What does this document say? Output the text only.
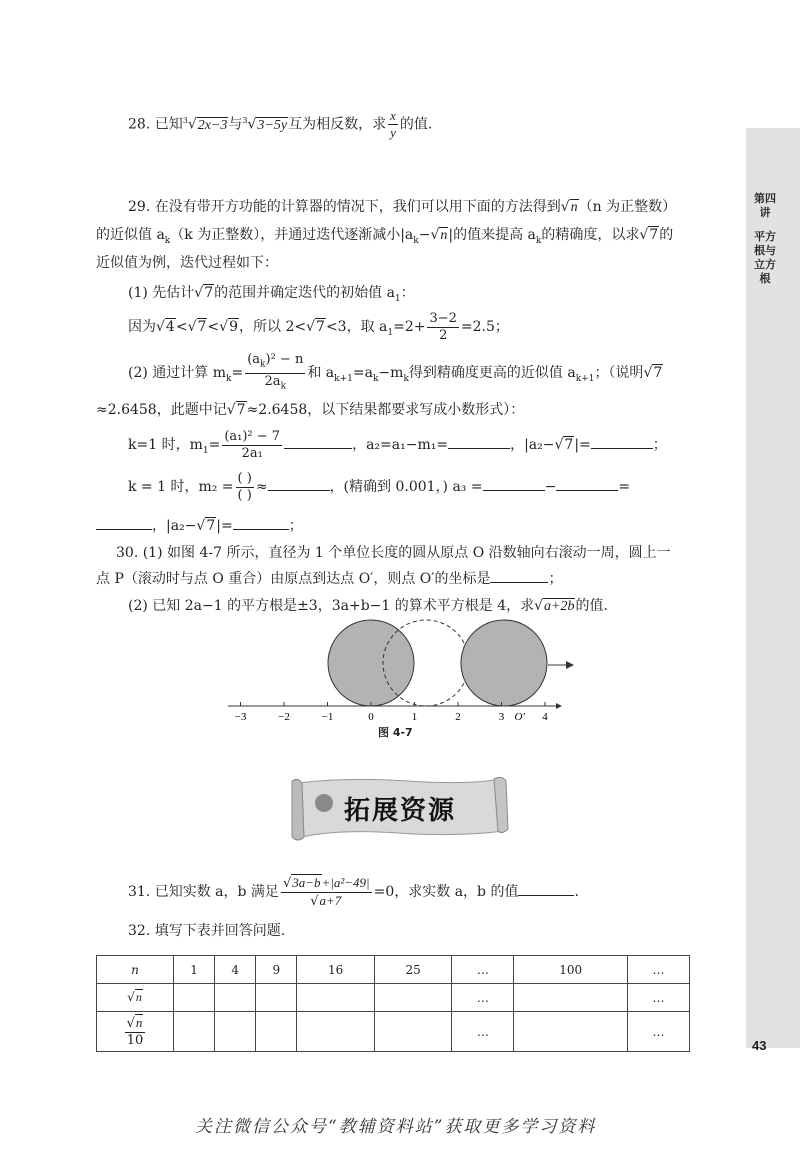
第四讲
平方根与立方根
43
28. 已知$^3$√2x−3与$^3$√3−5y互为相反数，求 $\frac{x}{y}$ 的值.
29. 在没有带开方功能的计算器的情况下，我们可以用下面的方法得到√n（n 为正整数）
的近似值 $a_k(k$ 为正整数），并通过迭代逐渐减小$|a_k-√n|$的值来提高 $a_k$的精确度，以求√7的
近似值为例，迭代过程如下：
(1) 先估计√7的范围并确定迭代的初始值 $a_1$：
因为√4<√7<√9，所以 2<√7<3，取 $a_1=2+ \frac{3-2}{2} =2.5$；
(2) 通过计算 $m_k= \frac{(a_k)^2 - n}{2a_k}$ 和 $a_{k+1}=a_k-m_k$得到精确度更高的近似值 $a_{k+1}$；（说明√7
≈2.6458，此题中记√7≈2.6458，以下结果都要求写成小数形式）：
k=1 时，$m_1= \frac{\text{(a₁)² − 7}}{\text{2a₁}}$	，a₂=a₁−m₁=	，|a₂−√7|=	；
k = 1 时，$m_2 = \frac{( )}{( )}$ ≈	，(精确到 0.001，) a₃ =	−	=
，|a₂−√7|=	；
30. (1) 如图 4-7 所示，直径为 1 个单位长度的圆从原点 O 沿数轴向右滚动一周，圆上一
点 P（滚动时与点 O 重合）由原点到达点 O′，则点 O′的坐标是	；
(2) 已知 2a−1 的平方根是±3，3a+b−1 的算术平方根是 4，求√a+2b的值.
−3	−2	−1	0	1	2	3	4
O′
图 4-7
拓展资源
31. 已知实数 a，b 满足 $\frac{\text{√3a−b+|a²−49|}}{√a+7} =0$，求实数 a，b 的值	.
32. 填写下表并回答问题.
n	1	4	9	16	25	…	100	…
√n						…		…

$\frac{√n}{10}$						…		…
关注微信公众号“教辅资料站”获取更多学习资料
